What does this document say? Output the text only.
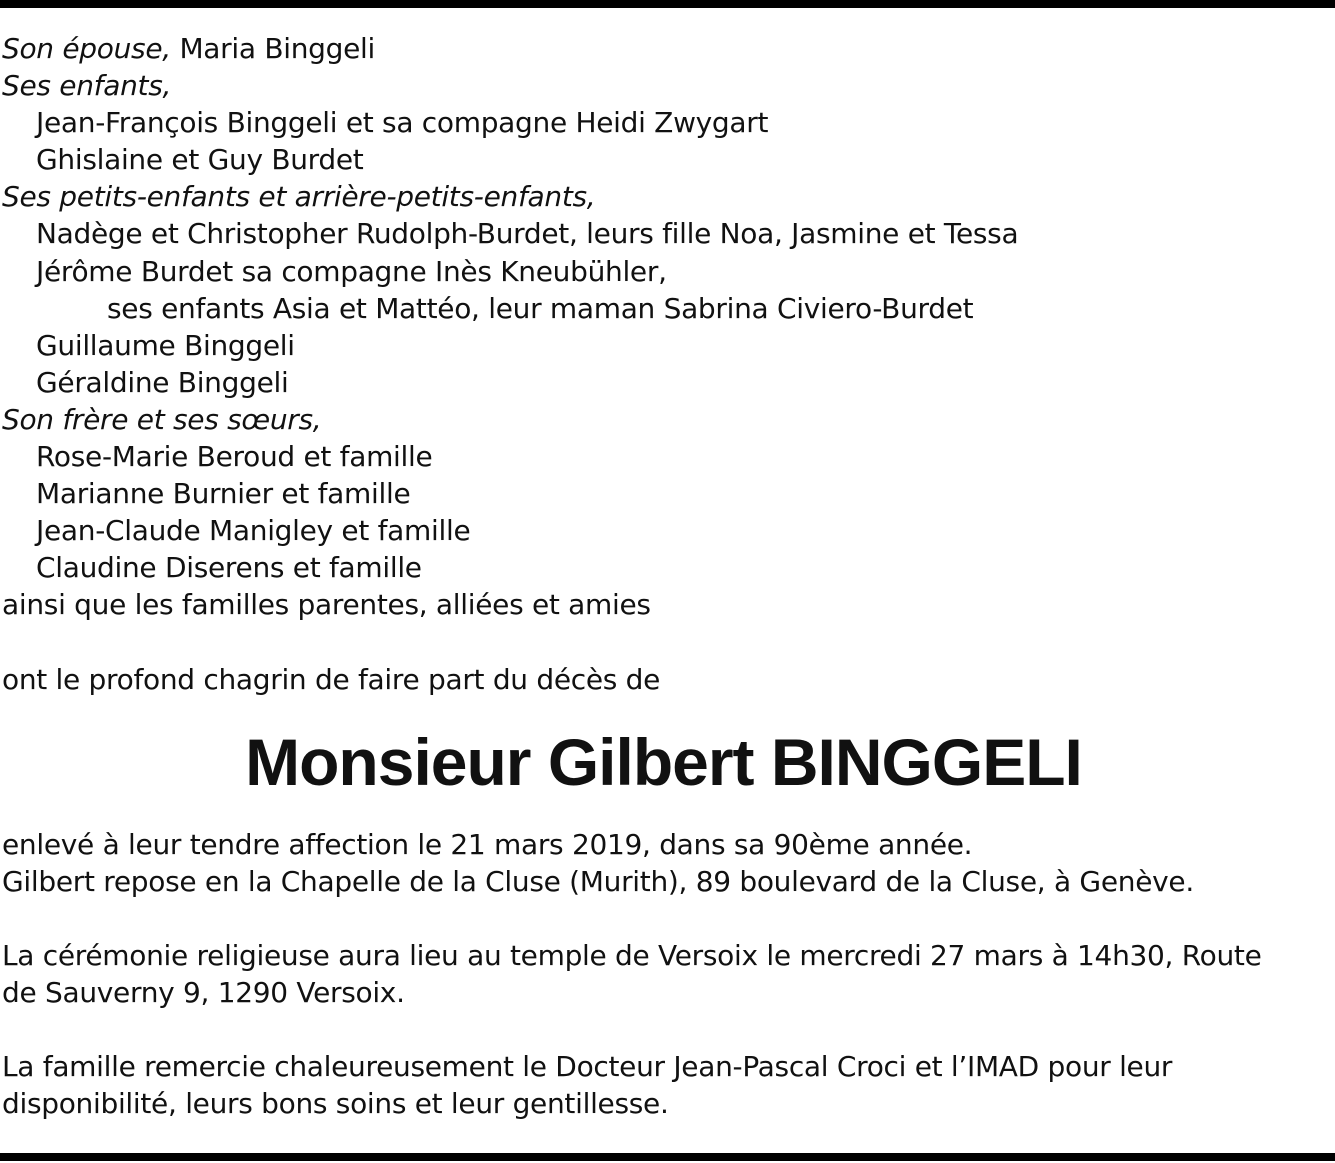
Son épouse, Maria Binggeli
Ses enfants,
Jean-François Binggeli et sa compagne Heidi Zwygart
Ghislaine et Guy Burdet
Ses petits-enfants et arrière-petits-enfants,
Nadège et Christopher Rudolph-Burdet, leurs fille Noa, Jasmine et Tessa
Jérôme Burdet sa compagne Inès Kneubühler,
ses enfants Asia et Mattéo, leur maman Sabrina Civiero-Burdet
Guillaume Binggeli
Géraldine Binggeli
Son frère et ses sœurs,
Rose-Marie Beroud et famille
Marianne Burnier et famille
Jean-Claude Manigley et famille
Claudine Diserens et famille
ainsi que les familles parentes, alliées et amies
ont le profond chagrin de faire part du décès de
Monsieur Gilbert BINGGELI
enlevé à leur tendre affection le 21 mars 2019, dans sa 90ème année.
Gilbert repose en la Chapelle de la Cluse (Murith), 89 boulevard de la Cluse, à Genève.
La cérémonie religieuse aura lieu au temple de Versoix le mercredi 27 mars à 14h30, Route
de Sauverny 9, 1290 Versoix.
La famille remercie chaleureusement le Docteur Jean-Pascal Croci et l’IMAD pour leur
disponibilité, leurs bons soins et leur gentillesse.
